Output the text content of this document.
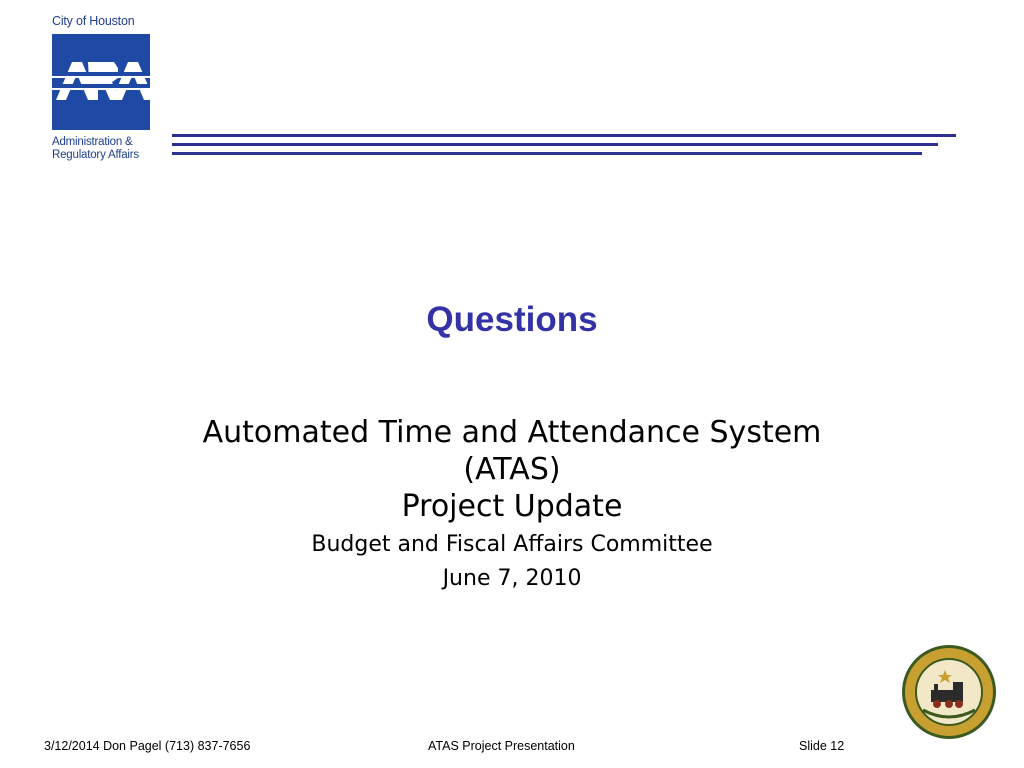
City of Houston
Administration &
Regulatory Affairs
Questions
Automated Time and Attendance System
(ATAS)
Project Update
Budget and Fiscal Affairs Committee
June 7, 2010
3/12/2014 Don Pagel (713) 837-7656	ATAS Project Presentation	Slide 12
